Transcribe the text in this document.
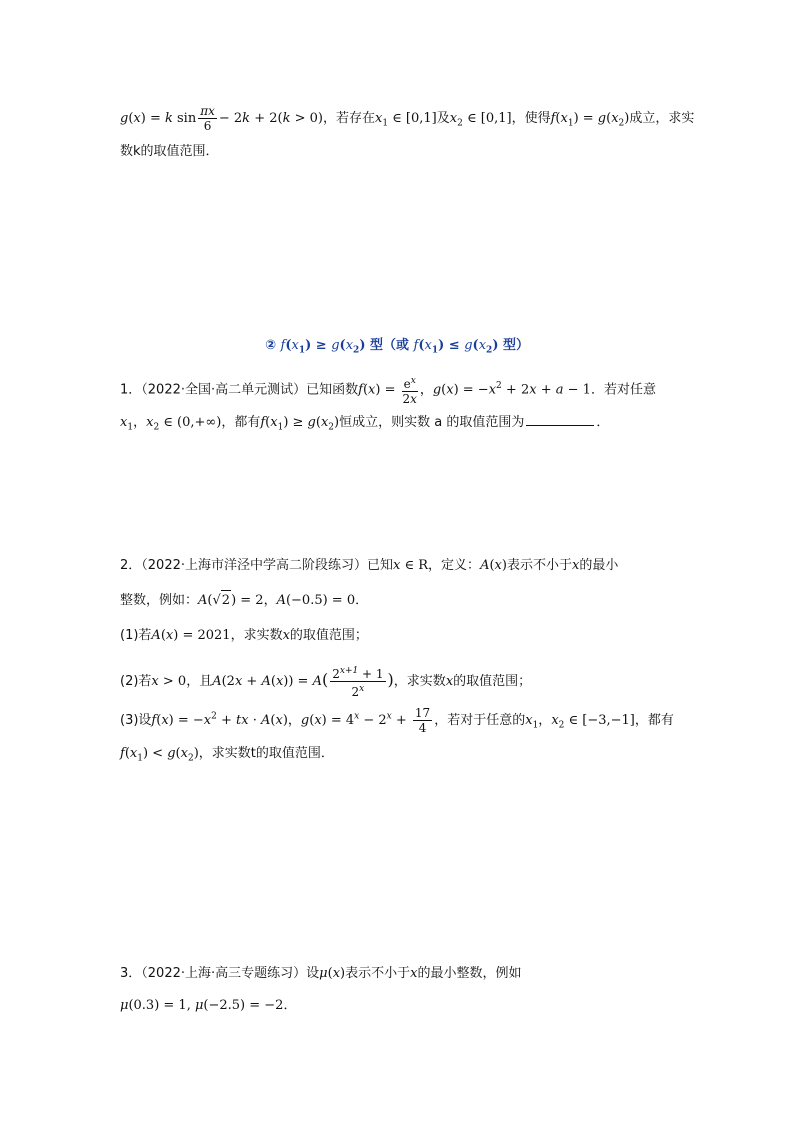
g(x) = k $\sin \frac{\pi x}{6} - 2k + 2(k > 0)$，若存在$x_1$ ∈ [0,1]及$x_2$ ∈ [0,1]，使得$f(x_1) = g(x_2)$成立，求实
数k的取值范围．
② $f(x_1) \ge g(x_2)$ 型（或 $f(x_1) \le g(x_2)$ 型）
1．（2022·全国·高二单元测试）已知函数$f(x) = \frac{e^x}{2x}$ ，$g(x) = -x^2 + 2x + a - 1$．若对任意
$x_1$，$x_2$ ∈ (0,+∞)，都有$f(x_1) \ge g(x_2)$恒成立，则实数 a 的取值范围为	．
2．（2022·上海市洋泾中学高二阶段练习）已知x ∈ R，定义：A(x)表示不小于x的最小
整数，例如：A(√2) = 2，A(−0.5) = 0．
(1)若A(x) = 2021，求实数x的取值范围；
(2)若x > 0，且$A(2x + A(x)) = A( \frac{2^{x+1} + 1}{2^x}$ )，求实数x的取值范围；
(3)设$f(x) = -x^2$ + tx · A(x)，$g(x) = 4^x - 2^x + \frac{17}{4}$ ，若对于任意的$x_1$，$x_2$ ∈ [−3,−1]，都有
$f(x_1) < g(x_2)$，求实数t的取值范围．
3．（2022·上海·高三专题练习）设μ(x)表示不小于x的最小整数，例如
μ(0.3) = 1, μ(−2.5) = −2．
